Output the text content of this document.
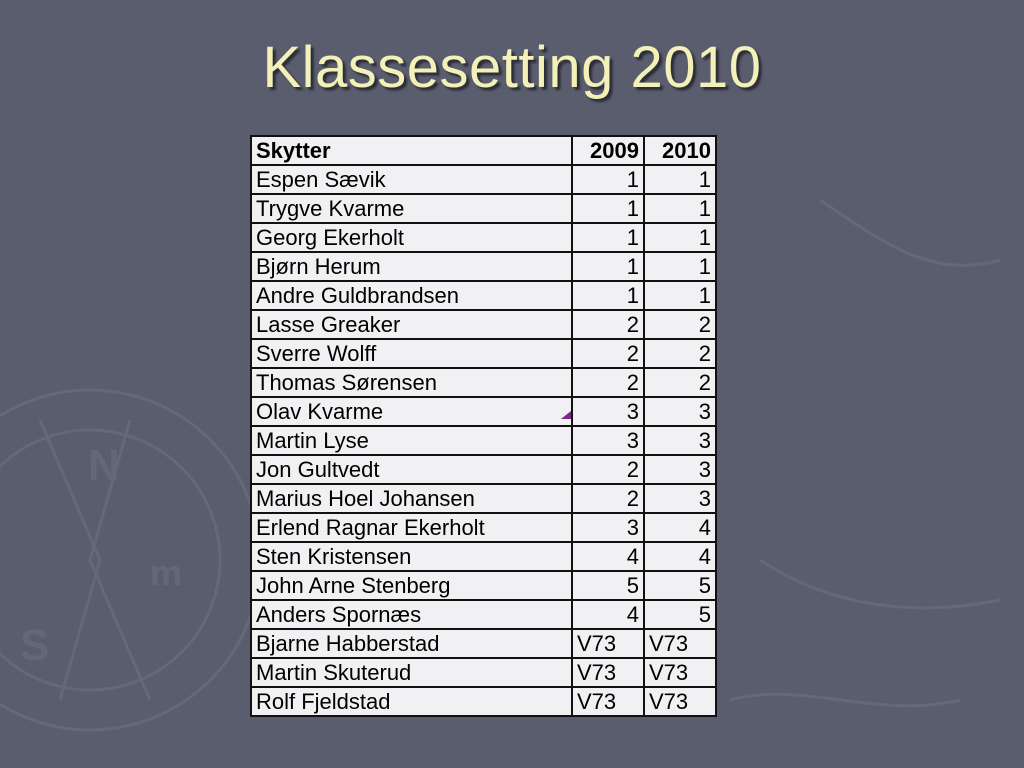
N
S
m
Klassesetting 2010
Skytter	2009	2010
Espen Sævik	1	1
Trygve Kvarme	1	1
Georg Ekerholt	1	1
Bjørn Herum	1	1
Andre Guldbrandsen	1	1
Lasse Greaker	2	2
Sverre Wolff	2	2
Thomas Sørensen	2	2
Olav Kvarme	3	3
Martin Lyse	3	3
Jon Gultvedt	2	3
Marius Hoel Johansen	2	3
Erlend Ragnar Ekerholt	3	4
Sten Kristensen	4	4
John Arne Stenberg	5	5
Anders Spornæs	4	5
Bjarne Habberstad	V73	V73
Martin Skuterud	V73	V73
Rolf Fjeldstad	V73	V73
